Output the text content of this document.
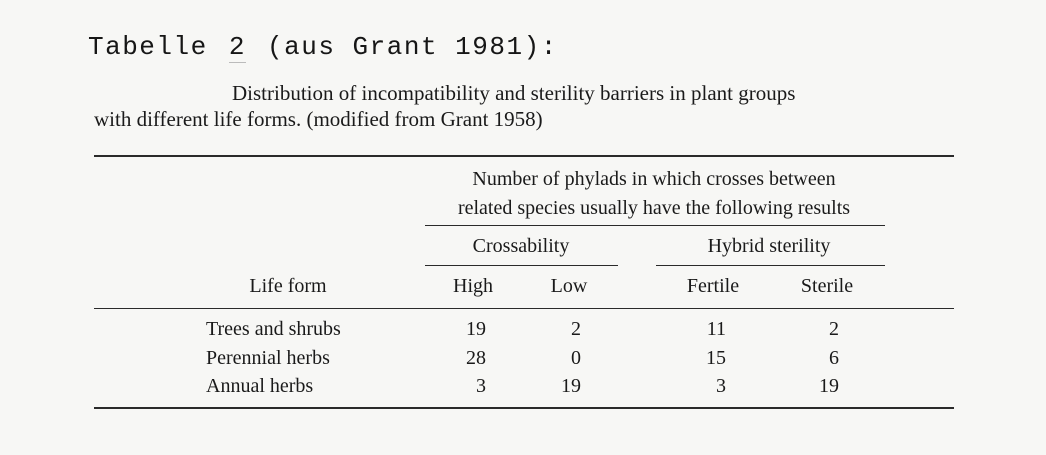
Tabelle 2 (aus Grant 1981):
Distribution of incompatibility and sterility barriers in plant groups
with different life forms. (modified from Grant 1958)
Number of phylads in which crosses between
related species usually have the following results
Crossability	Hybrid sterility
Life form	High	Low	Fertile	Sterile
Trees and shrubs	19	2	11	2
Perennial herbs	28	0	15	6
Annual herbs	3	19	3	19
